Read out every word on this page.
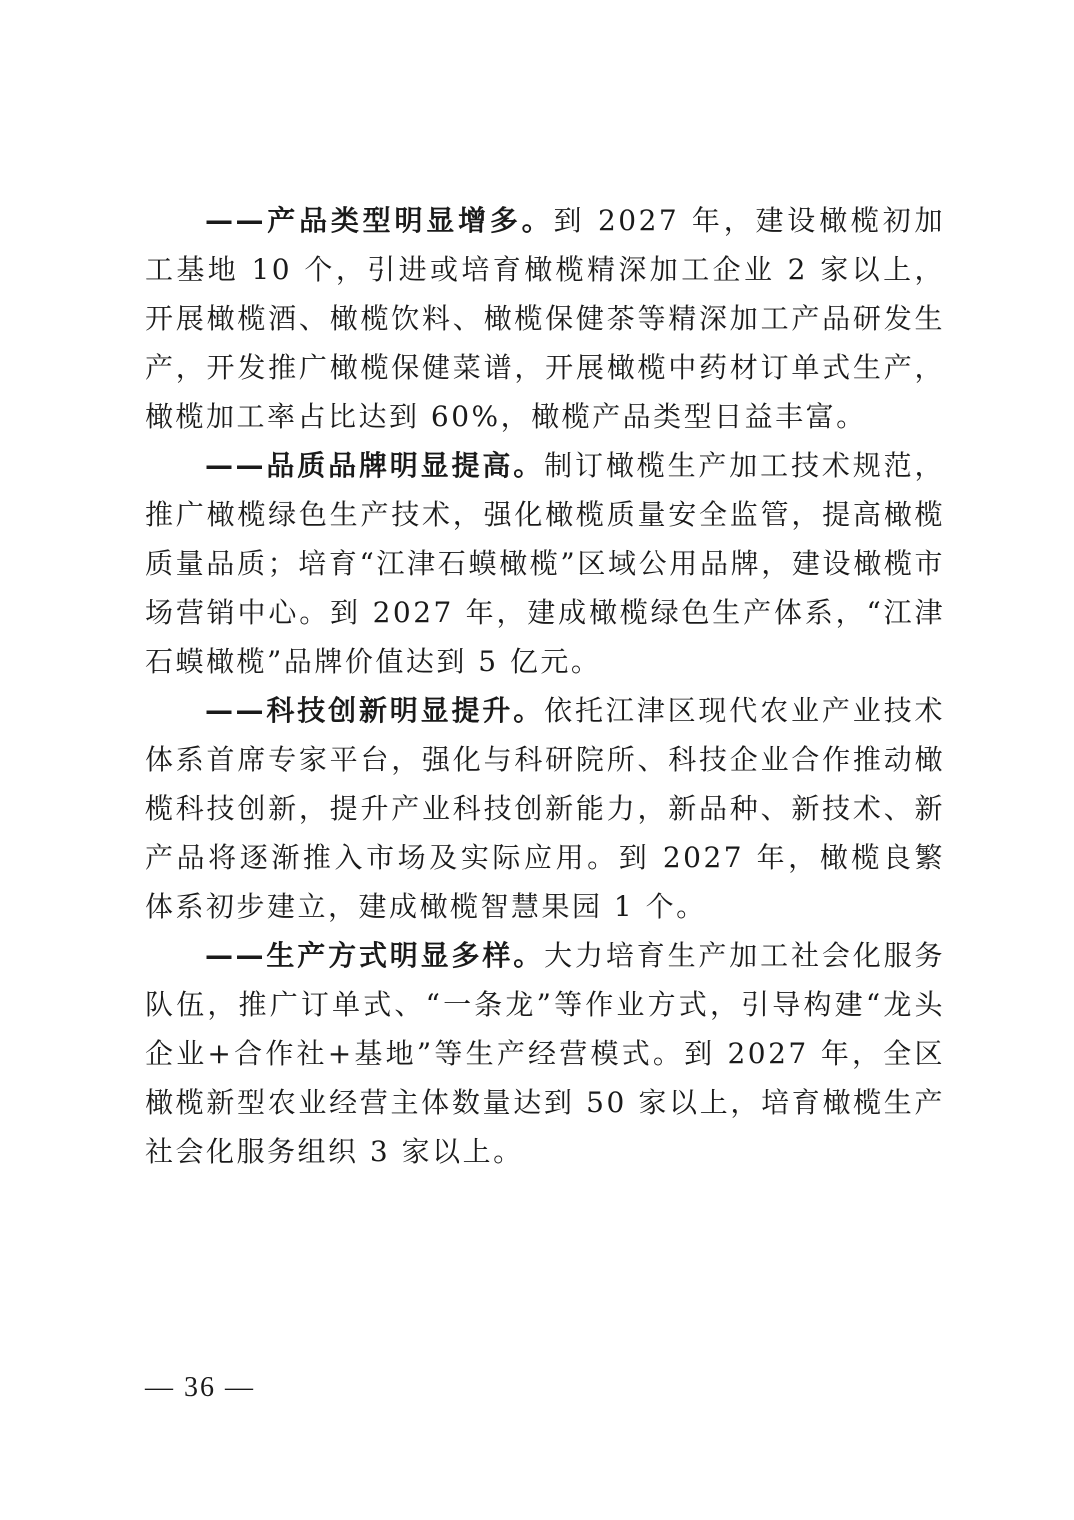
——产品类型明显增多。到 2027 年，建设橄榄初加工基地 10 个，引进或培育橄榄精深加工企业 2 家以上，开展橄榄酒、橄榄饮料、橄榄保健茶等精深加工产品研发生产，开发推广橄榄保健菜谱，开展橄榄中药材订单式生产，橄榄加工率占比达到 60%，橄榄产品类型日益丰富。

——品质品牌明显提高。制订橄榄生产加工技术规范，推广橄榄绿色生产技术，强化橄榄质量安全监管，提高橄榄质量品质；培育“江津石蟆橄榄”区域公用品牌，建设橄榄市场营销中心。到 2027 年，建成橄榄绿色生产体系，“江津石蟆橄榄”品牌价值达到 5 亿元。

——科技创新明显提升。依托江津区现代农业产业技术体系首席专家平台，强化与科研院所、科技企业合作推动橄榄科技创新，提升产业科技创新能力，新品种、新技术、新产品将逐渐推入市场及实际应用。到 2027 年，橄榄良繁体系初步建立，建成橄榄智慧果园 1 个。

——生产方式明显多样。大力培育生产加工社会化服务队伍，推广订单式、“一条龙”等作业方式，引导构建“龙头企业+合作社+基地”等生产经营模式。到 2027 年，全区橄榄新型农业经营主体数量达到 50 家以上，培育橄榄生产社会化服务组织 3 家以上。

— 36 —
